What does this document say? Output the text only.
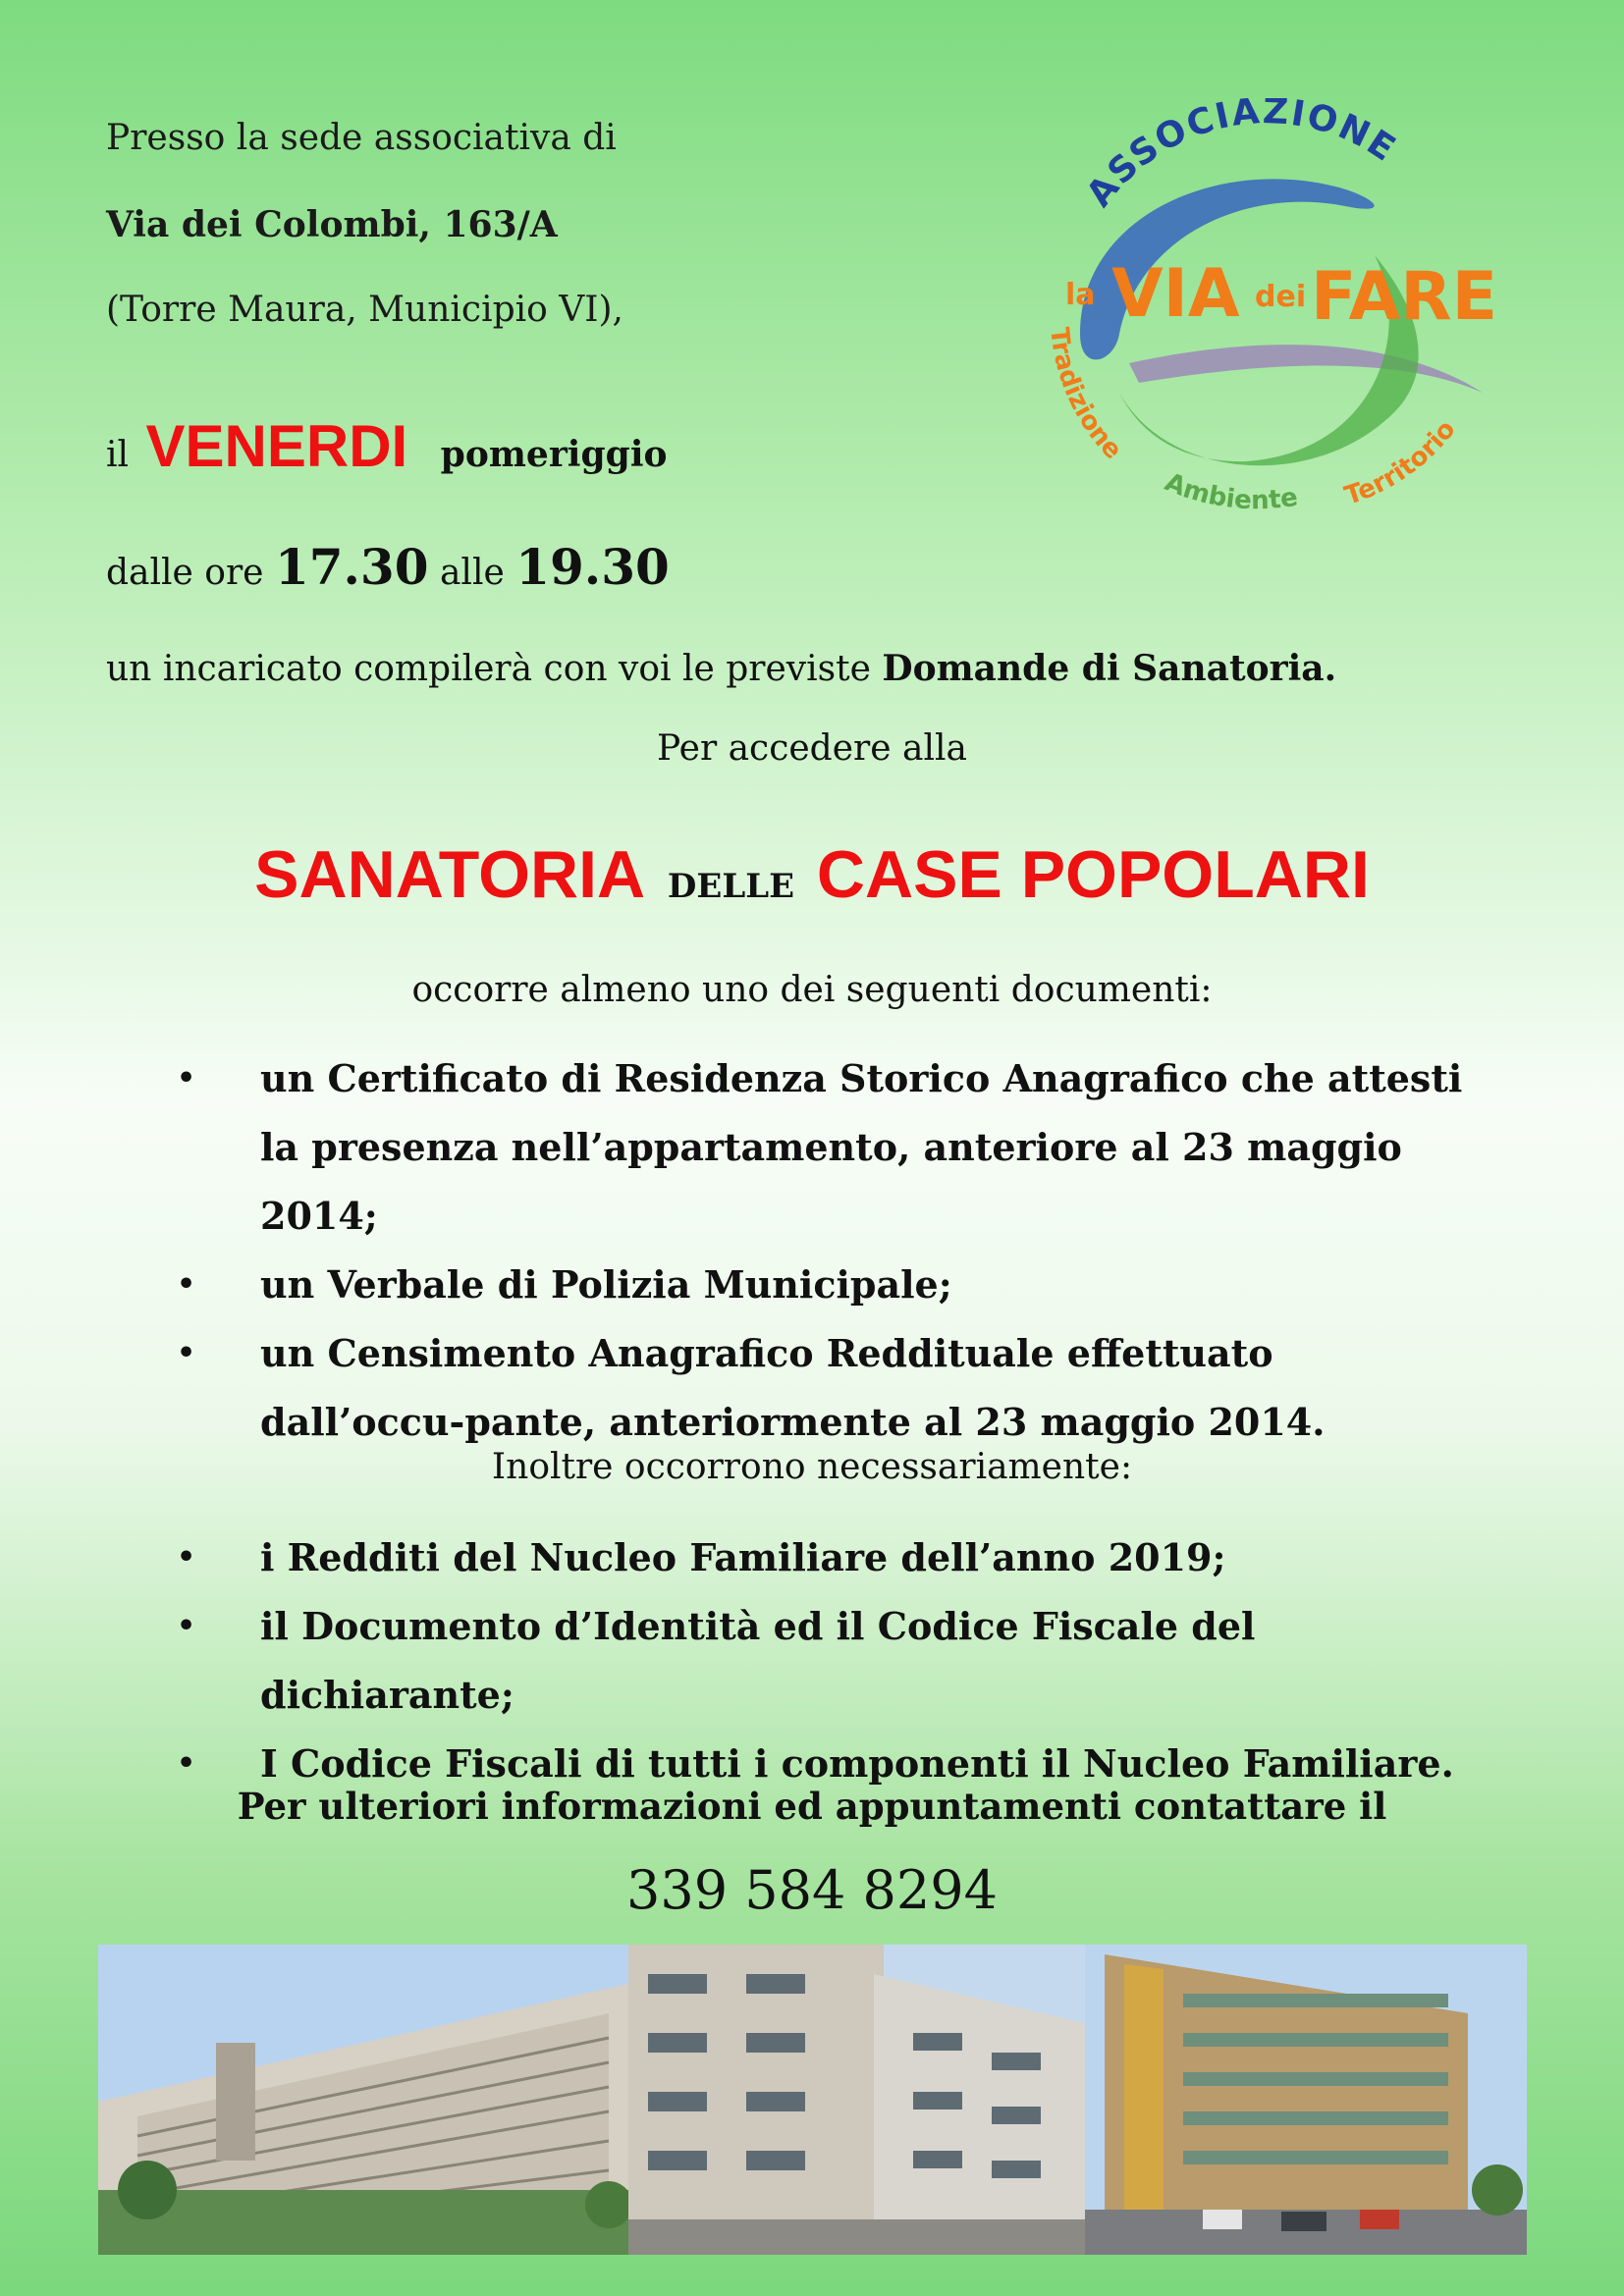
Presso la sede associativa di
Via dei Colombi, 163/A
(Torre Maura, Municipio VI),
il VENERDI pomeriggio
dalle ore 17.30 alle 19.30
un incaricato compilerà con voi le previste Domande di Sanatoria.
Per accedere alla
ASSOCIAZIONE
la VIA dei FARE
Tradizione
Ambiente Territorio
SANATORIA DELLE CASE POPOLARI
occorre almeno uno dei seguenti documenti:
• un Certificato di Residenza Storico Anagrafico che attesti la presenza nell’appartamento, anteriore al 23 maggio 2014;
• un Verbale di Polizia Municipale;
• un Censimento Anagrafico Reddituale effettuato dall’occu-pante, anteriormente al 23 maggio 2014.
Inoltre occorrono necessariamente:
• i Redditi del Nucleo Familiare dell’anno 2019;
• il Documento d’Identità ed il Codice Fiscale del dichiarante;
• I Codice Fiscali di tutti i componenti il Nucleo Familiare.
Per ulteriori informazioni ed appuntamenti contattare il
339 584 8294
